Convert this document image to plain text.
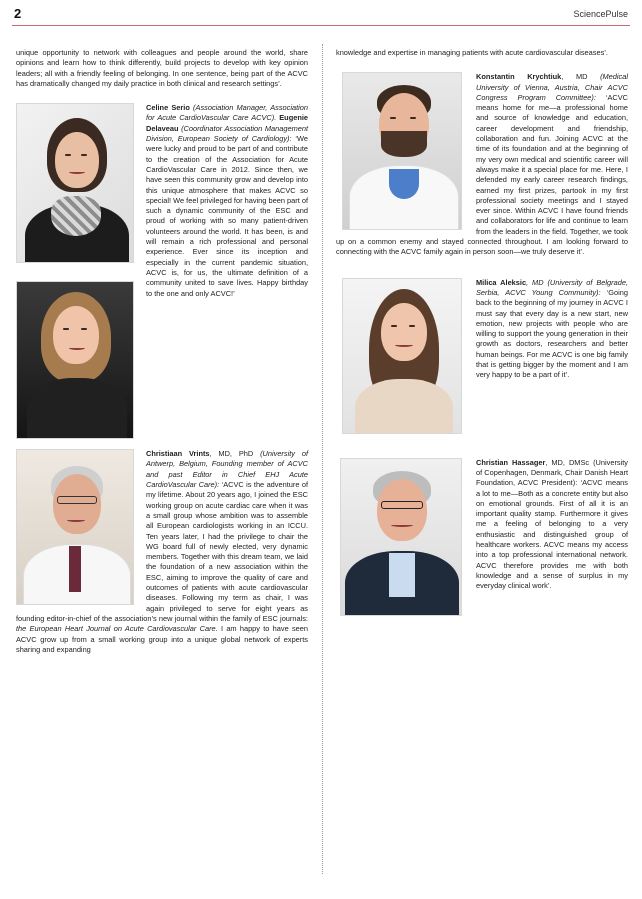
2	SciencePulse

unique opportunity to network with colleagues and people around the world, share opinions and learn how to think differently, build projects to develop with key opinion leaders; all with a friendly feeling of belonging. In one sentence, being part of the ACVC has dramatically changed my daily practice in both clinical and research settings’.

Celine Serio (Association Manager, Association for Acute CardioVascular Care ACVC). Eugenie Delaveau (Coordinator Association Management Division, European Society of Cardiology): ‘We were lucky and proud to be part of and contribute to the creation of the Association for Acute CardioVascular Care in 2012. Since then, we have seen this community grow and develop into this unique atmosphere that makes ACVC so special! We feel privileged for having been part of such a dynamic community of the ESC and proud of working with so many patient-driven volunteers around the world. It has been, is and will remain a rich professional and personal experience. Ever since its inception and especially in the current pandemic situation, ACVC is, for us, the ultimate definition of a community united to save lives. Happy birthday to the one and only ACVC!’

Christiaan Vrints, MD, PhD (University of Antwerp, Belgium, Founding member of ACVC and past Editor in Chief EHJ Acute CardioVascular Care): ‘ACVC is the adventure of my lifetime. About 20 years ago, I joined the ESC working group on acute cardiac care when it was a small group whose ambition was to assemble all European cardiologists working in an ICCU. Ten years later, I had the privilege to chair the WG board full of newly elected, very dynamic members. Together with this dream team, we laid the foundation of a new association within the ESC, aiming to improve the quality of care and outcomes of patients with acute cardiovascular diseases. Following my term as chair, I was again privileged to serve for eight years as founding editor-in-chief of the association’s new journal within the family of ESC journals: the European Heart Journal on Acute Cardiovascular Care. I am happy to have seen ACVC grow up from a small working group into a unique global network of experts sharing and expanding

knowledge and expertise in managing patients with acute cardiovascular diseases’.

Konstantin Krychtiuk, MD (Medical University of Vienna, Austria, Chair ACVC Congress Program Committee): ‘ACVC means home for me—a professional home and source of knowledge and education, career development and friendship, collaboration and fun. Joining ACVC at the time of its foundation and at the beginning of my very own medical and scientific career will always make it a special place for me. Here, I defended my early career research findings, earned my first prizes, partook in my first professional society meetings and I stayed ever since. Within ACVC I have found friends and collaborators for life and continue to learn from the leaders in the field. Together, we took up on a common enemy and stayed connected throughout. I am looking forward to connecting with the ACVC family again in person soon—we truly deserve it’.

Milica Aleksic, MD (University of Belgrade, Serbia, ACVC Young Community): ‘Going back to the beginning of my journey in ACVC I must say that every day is a new start, new emotion, new projects with people who are willing to support the young generation in their growth as doctors, researchers and better human beings. For me ACVC is one big family that is getting bigger by the moment and I am very happy to be a part of it’.

Christian Hassager, MD, DMSc (University of Copenhagen, Denmark, Chair Danish Heart Foundation, ACVC President): ‘ACVC means a lot to me—Both as a concrete entity but also on emotional grounds. First of all it is an important quality stamp. Furthermore it gives me a feeling of belonging to a very enthusiastic and distinguished group of healthcare workers. ACVC means my access into a top professional international network. ACVC therefore provides me with both knowledge and a sense of surplus in my everyday clinical work’.
